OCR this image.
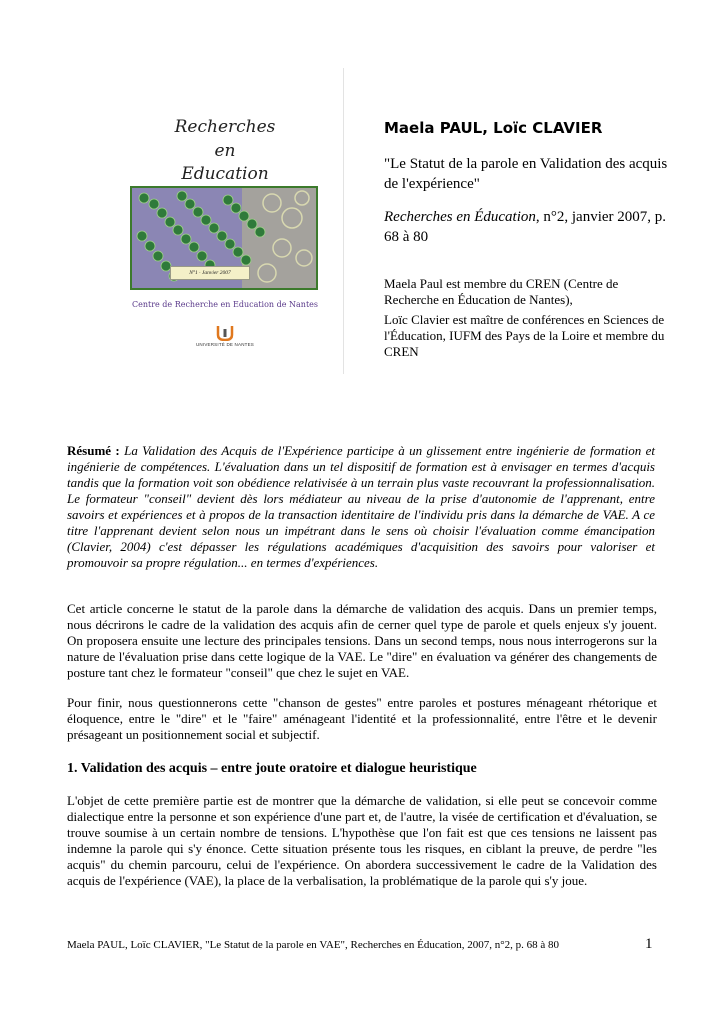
Recherches
en
Education
N°1 · Janvier 2007
Centre de Recherche en Education de Nantes
UNIVERSITÉ DE NANTES
Maela PAUL, Loïc CLAVIER
"Le Statut de la parole en Validation des acquis de l'expérience"
Recherches en Éducation, n°2, janvier 2007, p. 68 à 80
Maela Paul est membre du CREN (Centre de Recherche en Éducation de Nantes),
Loïc Clavier est maître de conférences en Sciences de l'Éducation, IUFM des Pays de la Loire et membre du CREN
Résumé : La Validation des Acquis de l'Expérience participe à un glissement entre ingénierie de formation et ingénierie de compétences. L'évaluation dans un tel dispositif de formation est à envisager en termes d'acquis tandis que la formation voit son obédience relativisée à un terrain plus vaste recouvrant la professionnalisation. Le formateur "conseil" devient dès lors médiateur au niveau de la prise d'autonomie de l'apprenant, entre savoirs et expériences et à propos de la transaction identitaire de l'individu pris dans la démarche de VAE. A ce titre l'apprenant devient selon nous un impétrant dans le sens où choisir l'évaluation comme émancipation (Clavier, 2004) c'est dépasser les régulations académiques d'acquisition des savoirs pour valoriser et promouvoir sa propre régulation... en termes d'expériences.
Cet article concerne le statut de la parole dans la démarche de validation des acquis. Dans un premier temps, nous décrirons le cadre de la validation des acquis afin de cerner quel type de parole et quels enjeux s'y jouent. On proposera ensuite une lecture des principales tensions. Dans un second temps, nous nous interrogerons sur la nature de l'évaluation prise dans cette logique de la VAE. Le "dire" en évaluation va générer des changements de posture tant chez le formateur "conseil" que chez le sujet en VAE.
Pour finir, nous questionnerons cette "chanson de gestes" entre paroles et postures ménageant rhétorique et éloquence, entre le "dire" et le "faire" aménageant l'identité et la professionnalité, entre l'être et le devenir présageant un positionnement social et subjectif.
1. Validation des acquis – entre joute oratoire et dialogue heuristique
L'objet de cette première partie est de montrer que la démarche de validation, si elle peut se concevoir comme dialectique entre la personne et son expérience d'une part et, de l'autre, la visée de certification et d'évaluation, se trouve soumise à un certain nombre de tensions. L'hypothèse que l'on fait est que ces tensions ne laissent pas indemne la parole qui s'y énonce. Cette situation présente tous les risques, en ciblant la preuve, de perdre "les acquis" du chemin parcouru, celui de l'expérience. On abordera successivement le cadre de la Validation des acquis de l'expérience (VAE), la place de la verbalisation, la problématique de la parole qui s'y joue.
Maela PAUL, Loïc CLAVIER, "Le Statut de la parole en VAE", Recherches en Éducation, 2007, n°2, p. 68 à 80	1
